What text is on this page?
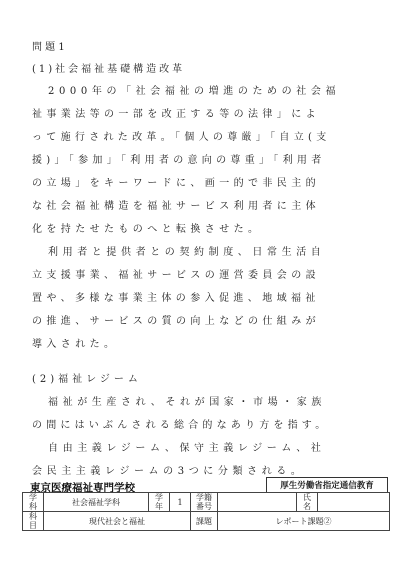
問 題 1
(1)社会福祉基礎構造改革
2000年の「社会福祉の増進のための社会福
祉事業法等の一部を改正する等の法律」によ
って施行された改革。「個人の尊厳」「自立(支
援)」「参加」「利用者の意向の尊重」「利用者
の立場」をキーワードに、画一的で非民主的
な社会福祉構造を福祉サービス利用者に主体
化を持たせたものへと転換させた。
利用者と提供者との契約制度、日常生活自
立支援事業、福祉サービスの運営委員会の設
置や、多様な事業主体の参入促進、地域福祉
の推進、サービスの質の向上などの仕組みが
導入された。
(2)福祉レジーム
福祉が生産され、それが国家・市場・家族
の間にはいぶんされる総合的なあり方を指す。
自由主義レジーム、保守主義レジーム、社
会民主主義レジームの3つに分類される。
東京医療福祉専門学校	厚生労働省指定通信教育
学科	社会福祉学科	学年	1	学籍番号		氏名	
科目	現代社会と福祉			課題	レポート課題②		
